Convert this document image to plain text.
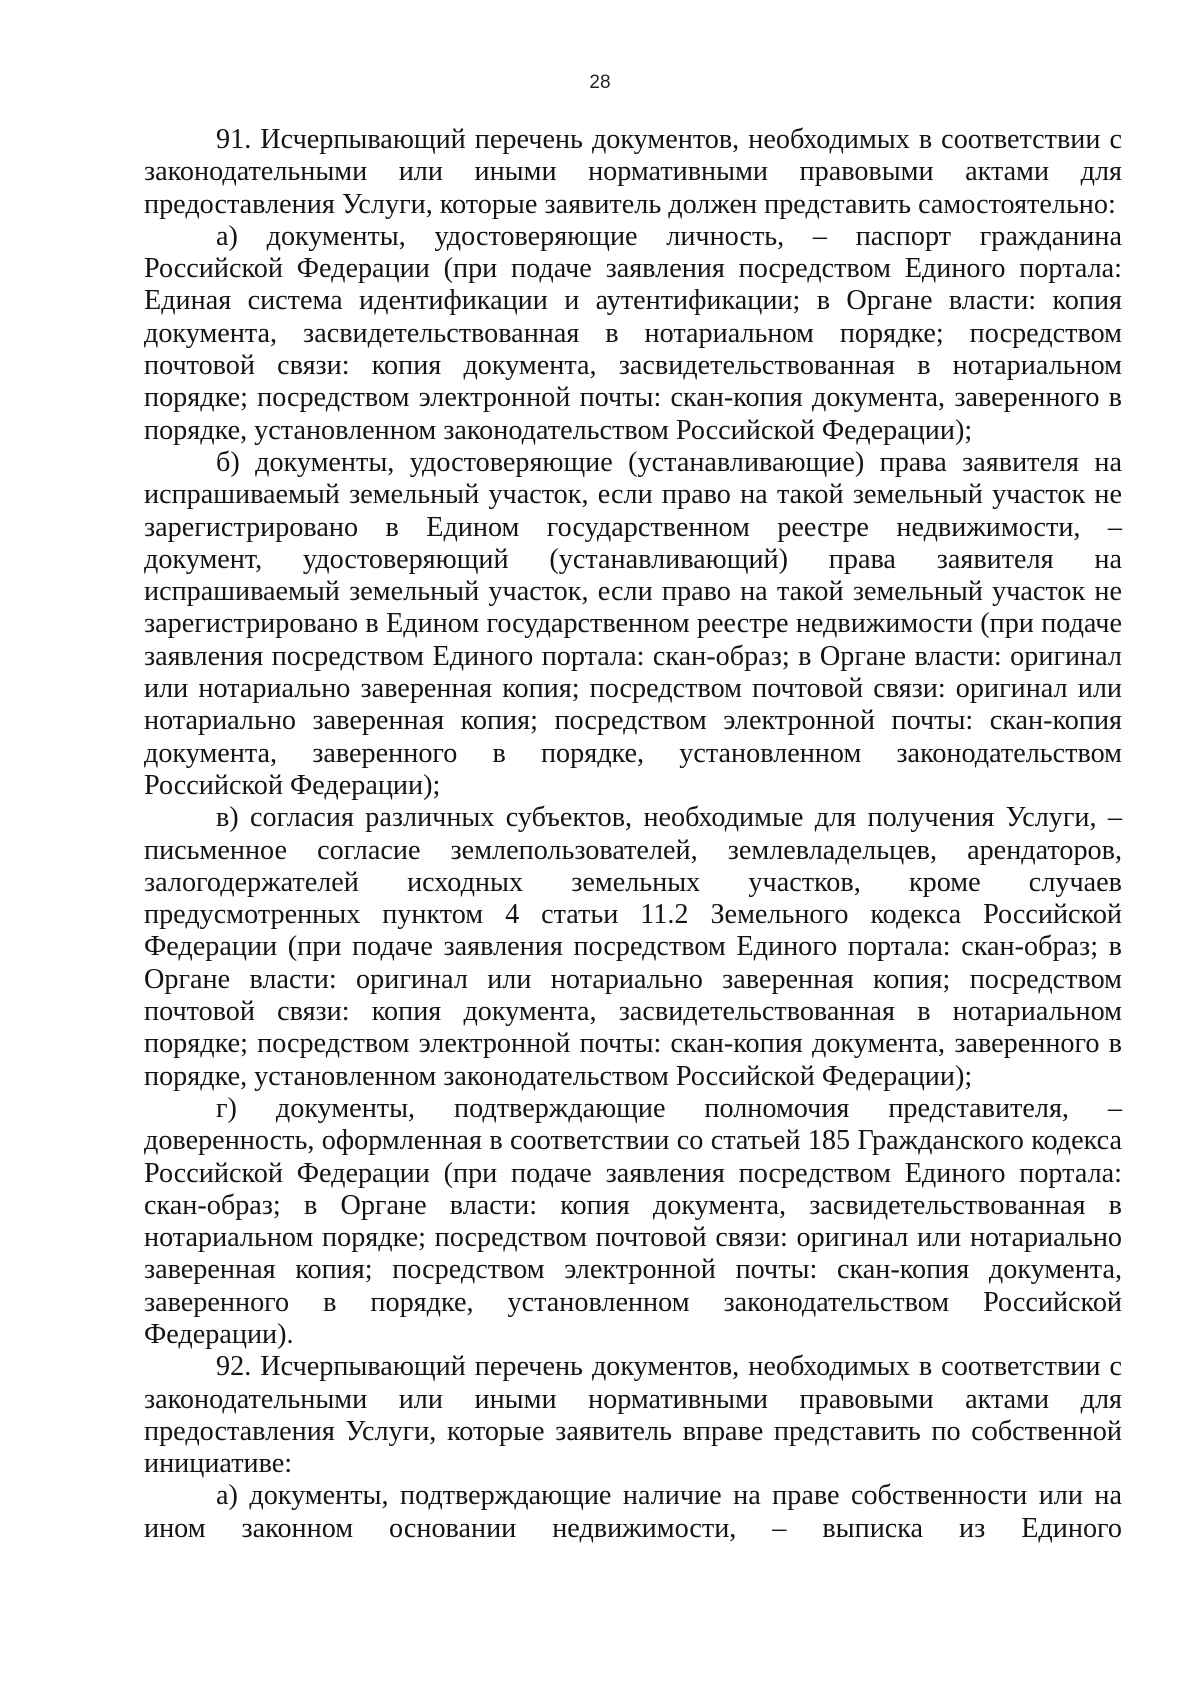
28

91. Исчерпывающий перечень документов, необходимых в соответствии с законодательными или иными нормативными правовыми актами для предоставления Услуги, которые заявитель должен представить самостоятельно:

а) документы, удостоверяющие личность, – паспорт гражданина Российской Федерации (при подаче заявления посредством Единого портала: Единая система идентификации и аутентификации; в Органе власти: копия документа, засвидетельствованная в нотариальном порядке; посредством почтовой связи: копия документа, засвидетельствованная в нотариальном порядке; посредством электронной почты: скан-копия документа, заверенного в порядке, установленном законодательством Российской Федерации);

б) документы, удостоверяющие (устанавливающие) права заявителя на испрашиваемый земельный участок, если право на такой земельный участок не зарегистрировано в Едином государственном реестре недвижимости, – документ, удостоверяющий (устанавливающий) права заявителя на испрашиваемый земельный участок, если право на такой земельный участок не зарегистрировано в Едином государственном реестре недвижимости (при подаче заявления посредством Единого портала: скан-образ; в Органе власти: оригинал или нотариально заверенная копия; посредством почтовой связи: оригинал или нотариально заверенная копия; посредством электронной почты: скан-копия документа, заверенного в порядке, установленном законодательством Российской Федерации);

в) согласия различных субъектов, необходимые для получения Услуги, – письменное согласие землепользователей, землевладельцев, арендаторов, залогодержателей исходных земельных участков, кроме случаев предусмотренных пунктом 4 статьи 11.2 Земельного кодекса Российской Федерации (при подаче заявления посредством Единого портала: скан-образ; в Органе власти: оригинал или нотариально заверенная копия; посредством почтовой связи: копия документа, засвидетельствованная в нотариальном порядке; посредством электронной почты: скан-копия документа, заверенного в порядке, установленном законодательством Российской Федерации);

г) документы, подтверждающие полномочия представителя, – доверенность, оформленная в соответствии со статьей 185 Гражданского кодекса Российской Федерации (при подаче заявления посредством Единого портала: скан-образ; в Органе власти: копия документа, засвидетельствованная в нотариальном порядке; посредством почтовой связи: оригинал или нотариально заверенная копия; посредством электронной почты: скан-копия документа, заверенного в порядке, установленном законодательством Российской Федерации).

92. Исчерпывающий перечень документов, необходимых в соответствии с законодательными или иными нормативными правовыми актами для предоставления Услуги, которые заявитель вправе представить по собственной инициативе:

а) документы, подтверждающие наличие на праве собственности или на ином законном основании недвижимости, – выписка из Единого
